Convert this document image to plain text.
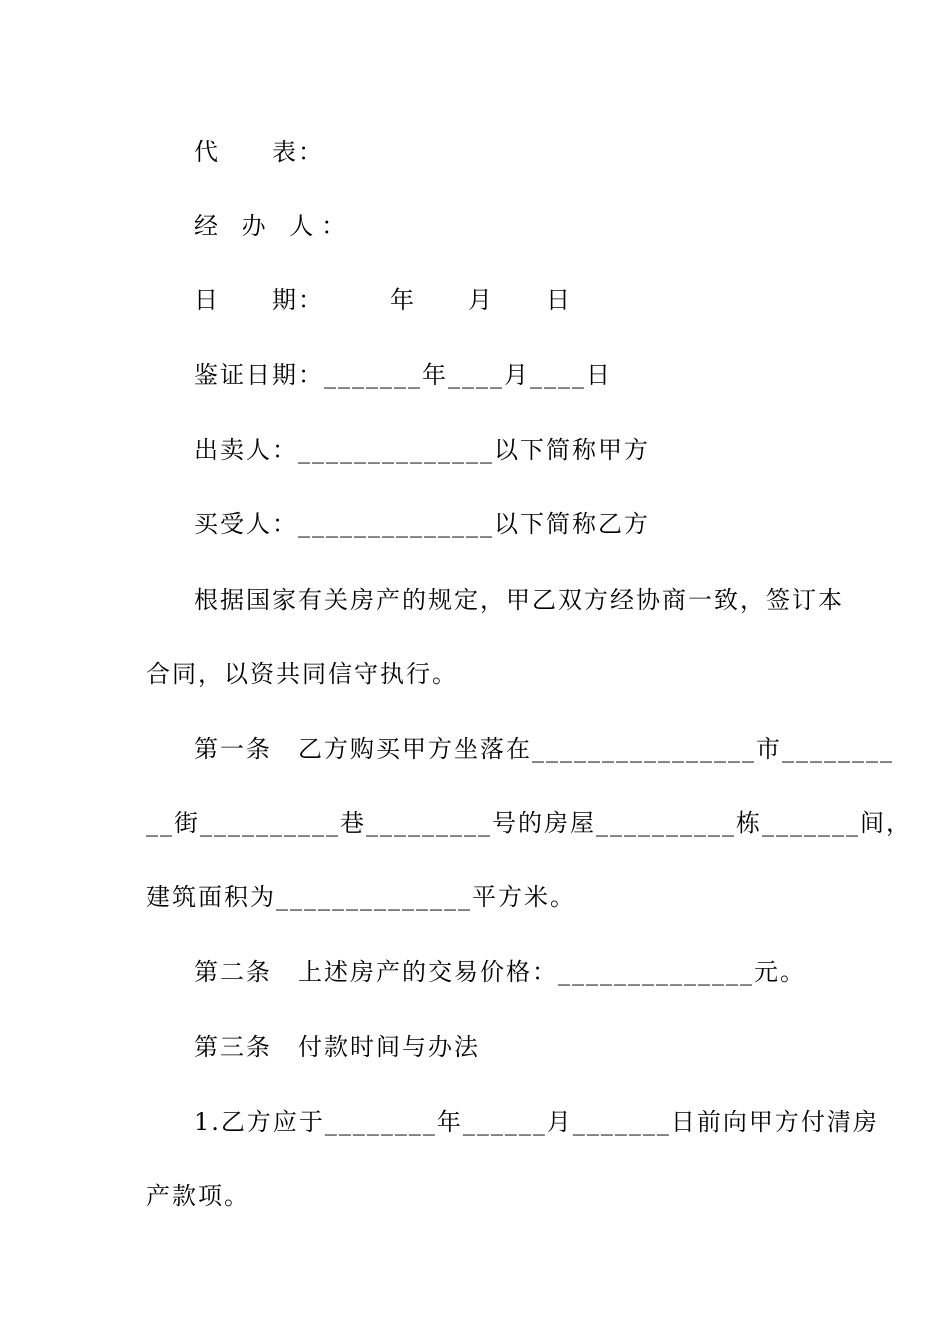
代　　表：
经 办 人：
日　　期：　　　年　　月　　日
鉴证日期：_______年____月____日
出卖人：______________以下简称甲方
买受人：______________以下简称乙方
根据国家有关房产的规定，甲乙双方经协商一致，签订本
合同，以资共同信守执行。
第一条　乙方购买甲方坐落在________________市________
__街__________巷_________号的房屋__________栋_______间，
建筑面积为______________平方米。
第二条　上述房产的交易价格：______________元。
第三条　付款时间与办法
1.乙方应于________年______月_______日前向甲方付清房
产款项。
